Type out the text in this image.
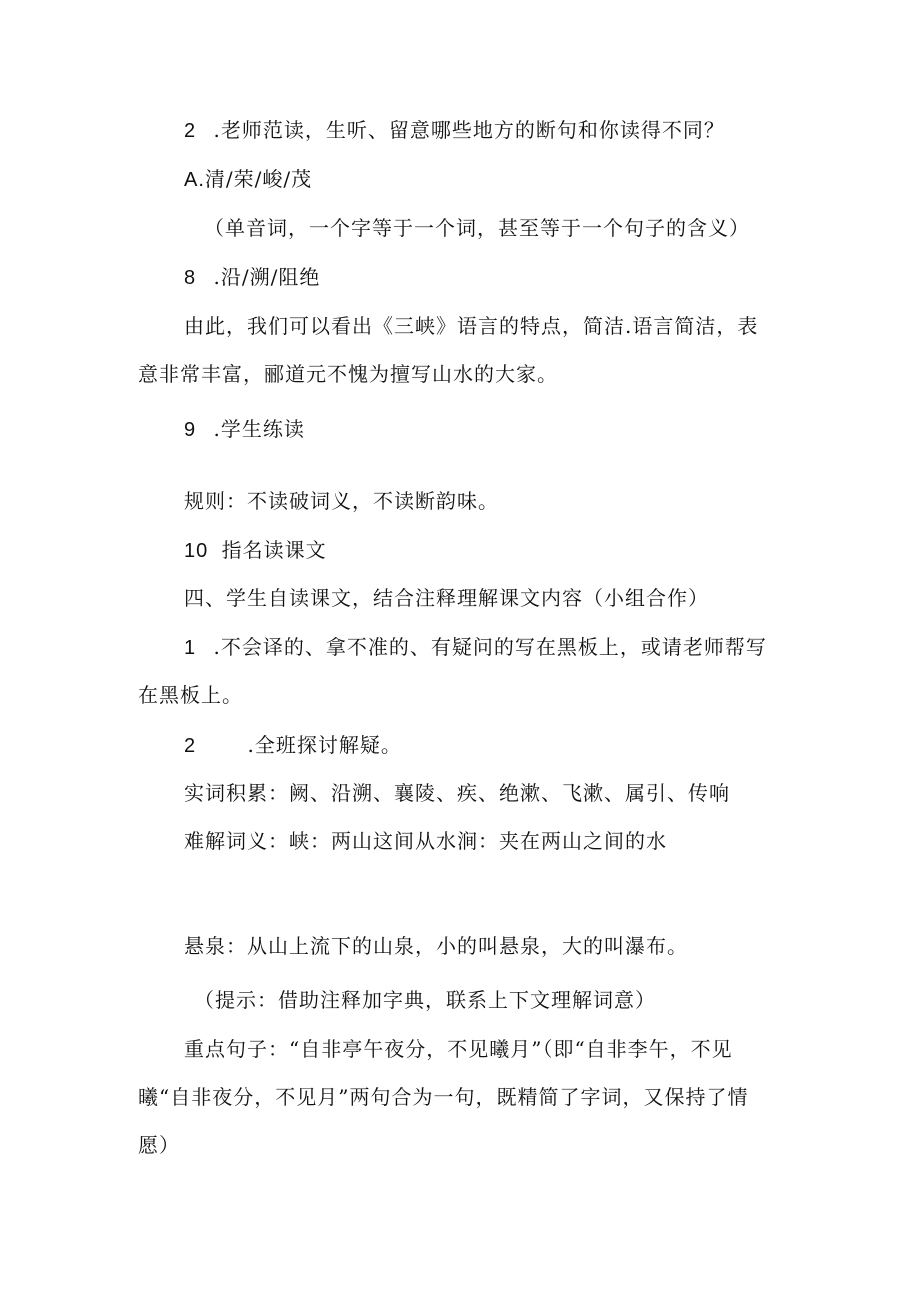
2 .老师范读，生听、留意哪些地方的断句和你读得不同？
A.清/荣/峻/茂
（单音词，一个字等于一个词，甚至等于一个句子的含义）
8 .沿/溯/阻绝
由此，我们可以看出《三峡》语言的特点，简洁.语言简洁，表
意非常丰富，郦道元不愧为擅写山水的大家。
9 .学生练读
规则：不读破词义，不读断韵味。
10 指名读课文
四、学生自读课文，结合注释理解课文内容（小组合作）
1 .不会译的、拿不准的、有疑问的写在黑板上，或请老师帮写
在黑板上。
2	.全班探讨解疑。
实词积累：阙、沿溯、襄陵、疾、绝漱、飞漱、属引、传响
难解词义：峡：两山这间从水涧：夹在两山之间的水
悬泉：从山上流下的山泉，小的叫悬泉，大的叫瀑布。
（提示：借助注释加字典，联系上下文理解词意）
重点句子：“自非亭午夜分，不见曦月”（即“自非李午，不见
曦“自非夜分，不见月”两句合为一句，既精简了字词，又保持了情
愿）
